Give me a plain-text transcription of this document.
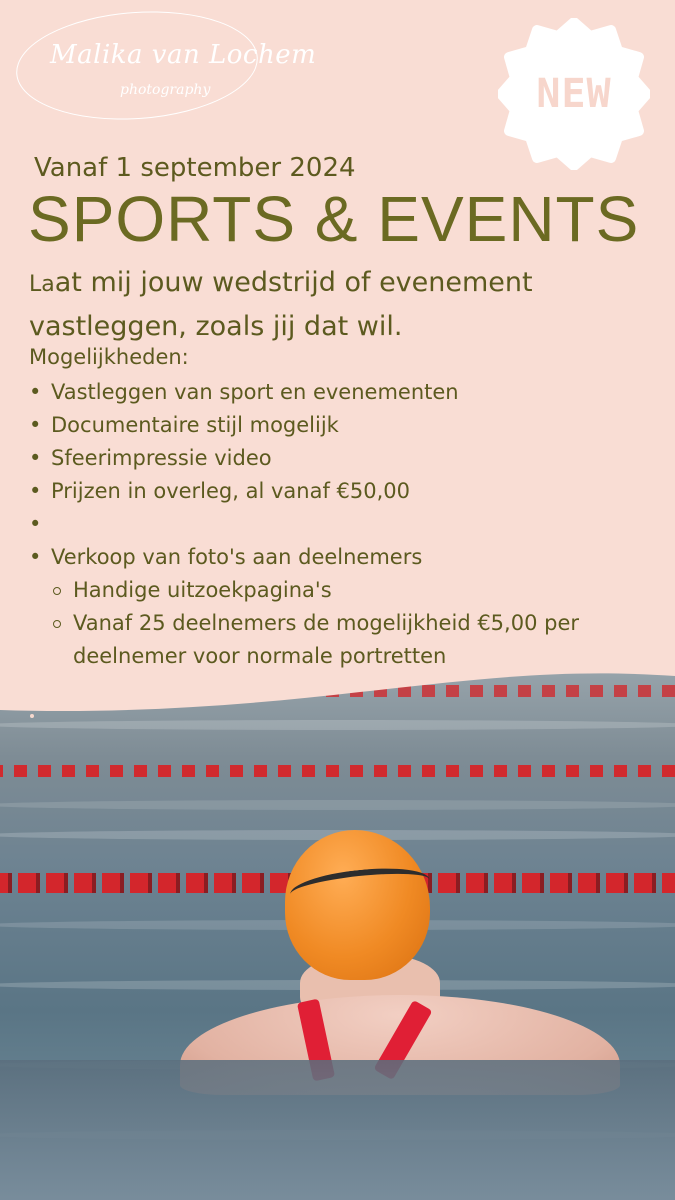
Malika van Lochem
photography	NEW
Vanaf 1 september 2024
SPORTS & EVENTS
Laat mij jouw wedstrijd of evenement
vastleggen, zoals jij dat wil.
Mogelijkheden:
• Vastleggen van sport en evenementen
• Documentaire stijl mogelijk
• Sfeerimpressie video
• Prijzen in overleg, al vanaf €50,00
•
• Verkoop van foto's aan deelnemers
Handige uitzoekpagina's
Vanaf 25 deelnemers de mogelijkheid €5,00 per deelnemer voor normale portretten
